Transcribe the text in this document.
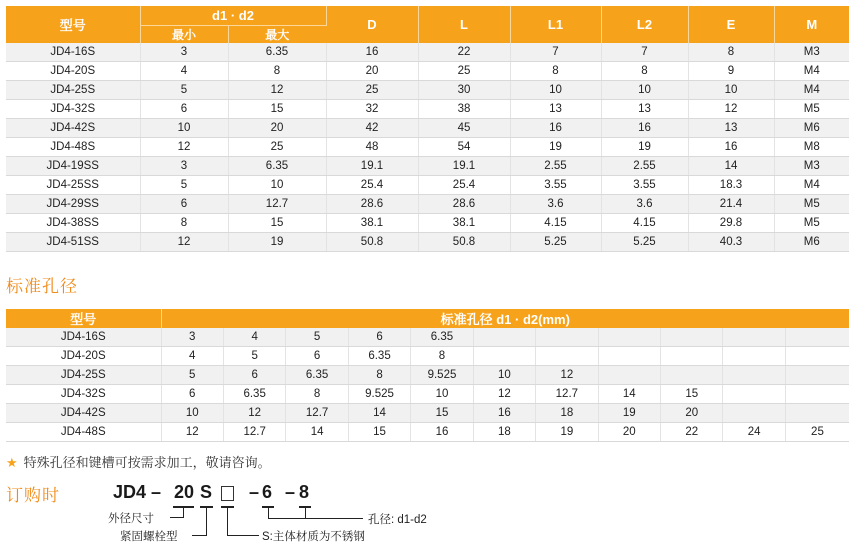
型号	d1 · d2		D	L	L1	L2	E	M
	最小	最大						
JD4-16S	3	6.35	16	22	7	7	8	M3
JD4-20S	4	8	20	25	8	8	9	M4
JD4-25S	5	12	25	30	10	10	10	M4
JD4-32S	6	15	32	38	13	13	12	M5
JD4-42S	10	20	42	45	16	16	13	M6
JD4-48S	12	25	48	54	19	19	16	M8
JD4-19SS	3	6.35	19.1	19.1	2.55	2.55	14	M3
JD4-25SS	5	10	25.4	25.4	3.55	3.55	18.3	M4
JD4-29SS	6	12.7	28.6	28.6	3.6	3.6	21.4	M5
JD4-38SS	8	15	38.1	38.1	4.15	4.15	29.8	M5
JD4-51SS	12	19	50.8	50.8	5.25	5.25	40.3	M6
标准孔径
型号	标准孔径 d1 · d2(mm)										
JD4-16S	3	4	5	6	6.35						
JD4-20S	4	5	6	6.35	8						
JD4-25S	5	6	6.35	8	9.525	10	12				
JD4-32S	6	6.35	8	9.525	10	12	12.7	14	15		
JD4-42S	10	12	12.7	14	15	16	18	19	20		
JD4-48S	12	12.7	14	15	16	18	19	20	22	24	25
★ 特殊孔径和键槽可按需求加工，敬请咨询。
订购时	JD4 – 20 S – 6 – 8
外径尺寸
紧固螺栓型	S:主体材质为不锈钢
孔径: d1-d2
